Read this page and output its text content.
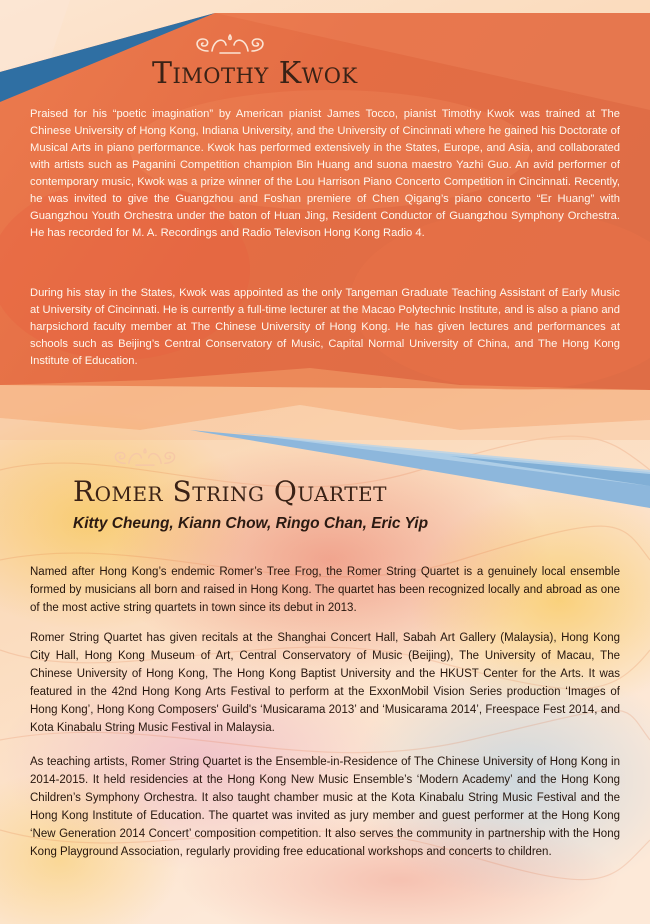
Timothy Kwok

Praised for his “poetic imagination” by American pianist James Tocco, pianist Timothy Kwok was trained at The Chinese University of Hong Kong, Indiana University, and the University of Cincinnati where he gained his Doctorate of Musical Arts in piano performance. Kwok has performed extensively in the States, Europe, and Asia, and collaborated with artists such as Paganini Competition champion Bin Huang and suona maestro Yazhi Guo. An avid performer of contemporary music, Kwok was a prize winner of the Lou Harrison Piano Concerto Competition in Cincinnati. Recently, he was invited to give the Guangzhou and Foshan premiere of Chen Qigang’s piano concerto “Er Huang” with Guangzhou Youth Orchestra under the baton of Huan Jing, Resident Conductor of Guangzhou Symphony Orchestra. He has recorded for M. A. Recordings and Radio Televison Hong Kong Radio 4.

During his stay in the States, Kwok was appointed as the only Tangeman Graduate Teaching Assistant of Early Music at University of Cincinnati. He is currently a full-time lecturer at the Macao Polytechnic Institute, and is also a piano and harpsichord faculty member at The Chinese University of Hong Kong. He has given lectures and performances at schools such as Beijing’s Central Conservatory of Music, Capital Normal University of China, and The Hong Kong Institute of Education.

Romer String Quartet

Kitty Cheung, Kiann Chow, Ringo Chan, Eric Yip

Named after Hong Kong’s endemic Romer’s Tree Frog, the Romer String Quartet is a genuinely local ensemble formed by musicians all born and raised in Hong Kong. The quartet has been recognized locally and abroad as one of the most active string quartets in town since its debut in 2013.

Romer String Quartet has given recitals at the Shanghai Concert Hall, Sabah Art Gallery (Malaysia), Hong Kong City Hall, Hong Kong Museum of Art, Central Conservatory of Music (Beijing), The University of Macau, The Chinese University of Hong Kong, The Hong Kong Baptist University and the HKUST Center for the Arts. It was featured in the 42nd Hong Kong Arts Festival to perform at the ExxonMobil Vision Series production ‘Images of Hong Kong’, Hong Kong Composers' Guild's ‘Musicarama 2013’ and ‘Musicarama 2014’, Freespace Fest 2014, and Kota Kinabalu String Music Festival in Malaysia.

As teaching artists, Romer String Quartet is the Ensemble-in-Residence of The Chinese University of Hong Kong in 2014-2015. It held residencies at the Hong Kong New Music Ensemble’s ‘Modern Academy’ and the Hong Kong Children’s Symphony Orchestra. It also taught chamber music at the Kota Kinabalu String Music Festival and the Hong Kong Institute of Education. The quartet was invited as jury member and guest performer at the Hong Kong ‘New Generation 2014 Concert’ composition competition. It also serves the community in partnership with the Hong Kong Playground Association, regularly providing free educational workshops and concerts to children.
